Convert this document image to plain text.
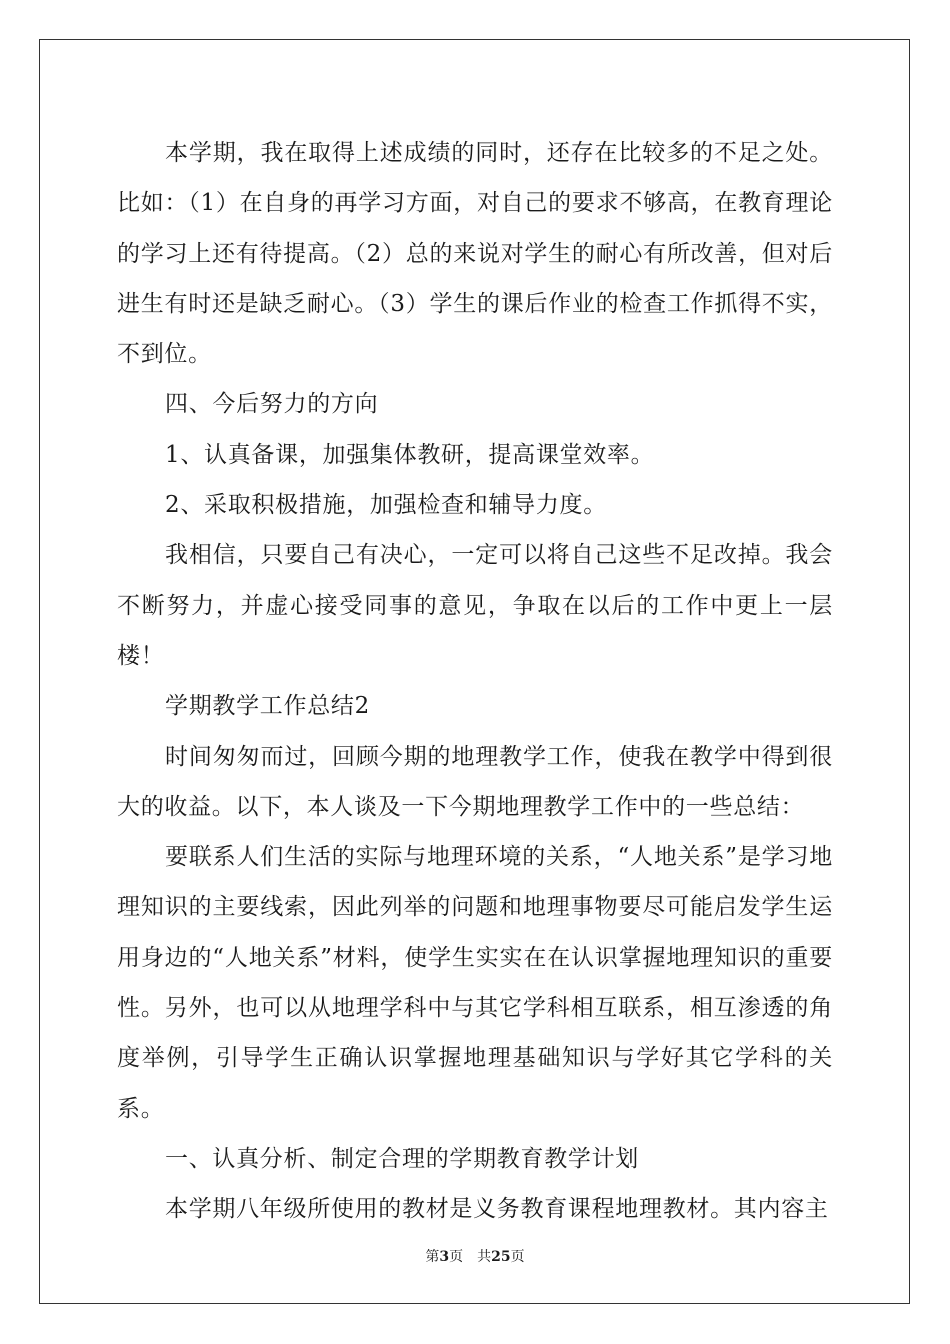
本学期，我在取得上述成绩的同时，还存在比较多的不足之处。比如：（1）在自身的再学习方面，对自己的要求不够高，在教育理论的学习上还有待提高。（2）总的来说对学生的耐心有所改善，但对后进生有时还是缺乏耐心。（3）学生的课后作业的检查工作抓得不实，不到位。

四、今后努力的方向

1、认真备课，加强集体教研，提高课堂效率。

2、采取积极措施，加强检查和辅导力度。

我相信，只要自己有决心，一定可以将自己这些不足改掉。我会不断努力，并虚心接受同事的意见，争取在以后的工作中更上一层楼！

学期教学工作总结2

时间匆匆而过，回顾今期的地理教学工作，使我在教学中得到很大的收益。以下，本人谈及一下今期地理教学工作中的一些总结：

要联系人们生活的实际与地理环境的关系，“人地关系”是学习地理知识的主要线索，因此列举的问题和地理事物要尽可能启发学生运用身边的“人地关系”材料，使学生实实在在认识掌握地理知识的重要性。另外，也可以从地理学科中与其它学科相互联系，相互渗透的角度举例，引导学生正确认识掌握地理基础知识与学好其它学科的关系。

一、认真分析、制定合理的学期教育教学计划

本学期八年级所使用的教材是义务教育课程地理教材。其内容主

第3页 共25页
